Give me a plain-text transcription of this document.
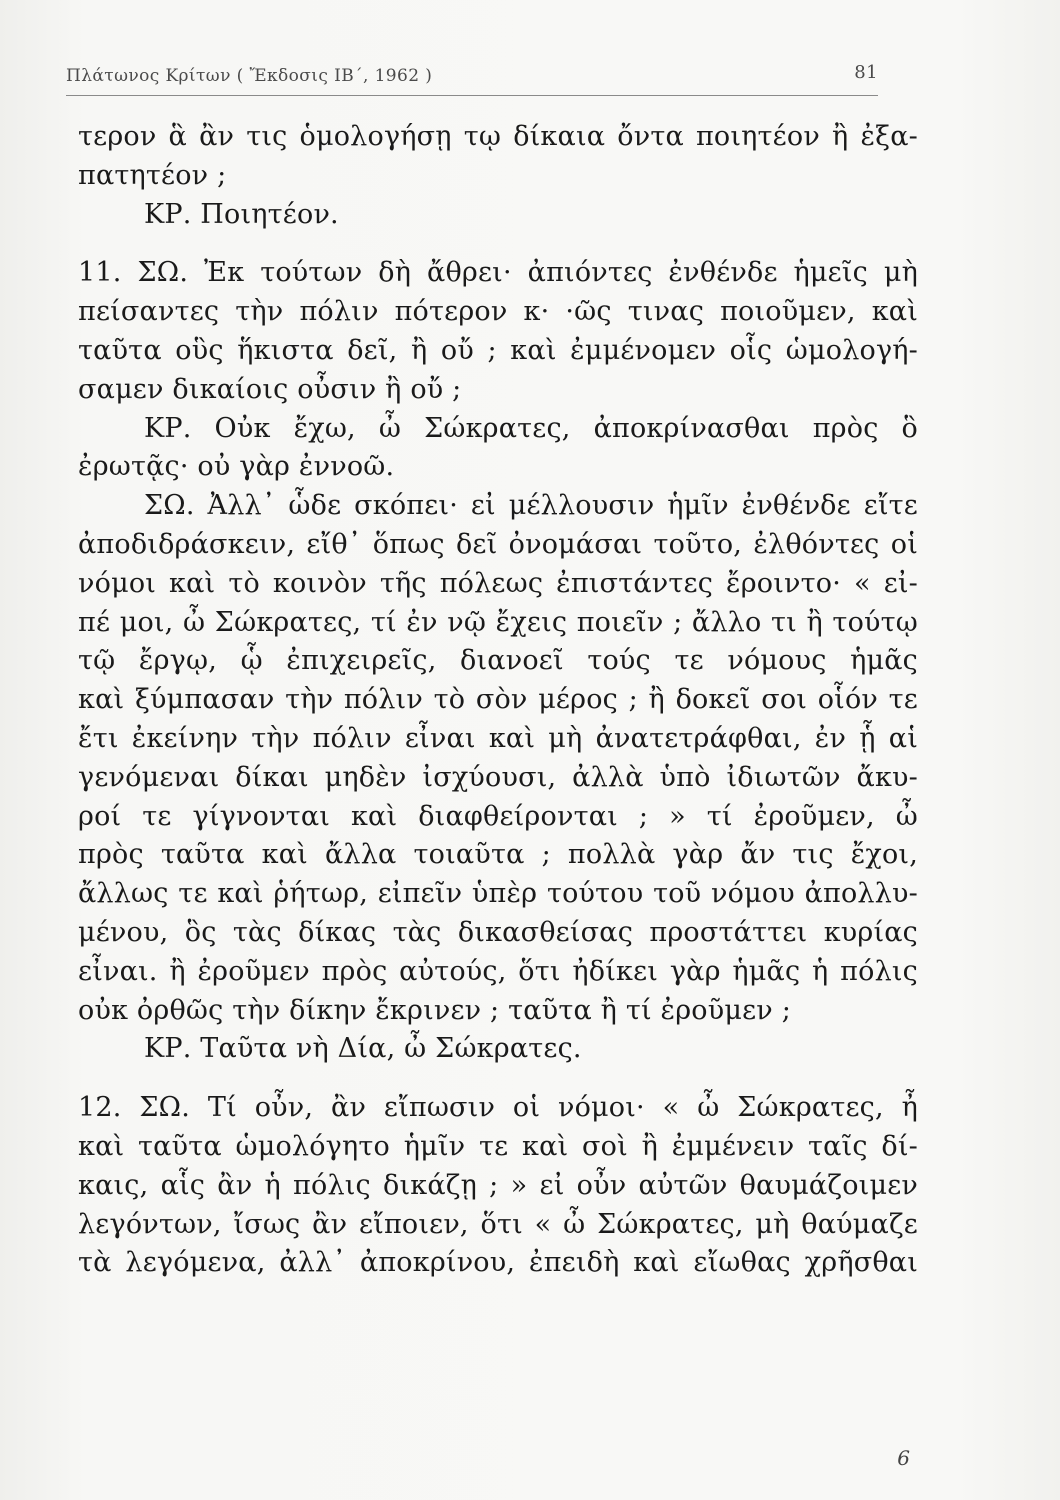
Πλάτωνος Κρίτων ( Ἔκδοσις ΙΒ΄, 1962 )	81
τερον ἃ ἂν τις ὁμολογήσῃ τῳ δίκαια ὄντα ποιητέον ἢ ἐξα-
πατητέον ;
ΚΡ. Ποιητέον.
11. ΣΩ. Ἐκ τούτων δὴ ἄθρει· ἀπιόντες ἐνθένδε ἡμεῖς μὴ
πείσαντες τὴν πόλιν πότερον κ· ·ῶς τινας ποιοῦμεν, καὶ
ταῦτα οὓς ἥκιστα δεῖ, ἢ οὔ ; καὶ ἐμμένομεν οἷς ὡμολογή-
σαμεν δικαίοις οὖσιν ἢ οὔ ;
ΚΡ. Οὐκ ἔχω, ὦ Σώκρατες, ἀποκρίνασθαι πρὸς ὃ
ἐρωτᾷς· οὐ γὰρ ἐννοῶ.
ΣΩ. Ἀλλ᾽ ὧδε σκόπει· εἰ μέλλουσιν ἡμῖν ἐνθένδε εἴτε
ἀποδιδράσκειν, εἴθ᾽ ὅπως δεῖ ὀνομάσαι τοῦτο, ἐλθόντες οἱ
νόμοι καὶ τὸ κοινὸν τῆς πόλεως ἐπιστάντες ἔροιντο· « εἰ-
πέ μοι, ὦ Σώκρατες, τί ἐν νῷ ἔχεις ποιεῖν ; ἄλλο τι ἢ τούτῳ
τῷ ἔργῳ, ᾧ ἐπιχειρεῖς, διανοεῖ τούς τε νόμους ἡμᾶς
καὶ ξύμπασαν τὴν πόλιν τὸ σὸν μέρος ; ἢ δοκεῖ σοι οἷόν τε
ἔτι ἐκείνην τὴν πόλιν εἶναι καὶ μὴ ἀνατετράφθαι, ἐν ᾗ αἱ
γενόμεναι δίκαι μηδὲν ἰσχύουσι, ἀλλὰ ὑπὸ ἰδιωτῶν ἄκυ-
ροί τε γίγνονται καὶ διαφθείρονται ; » τί ἐροῦμεν, ὦ
πρὸς ταῦτα καὶ ἄλλα τοιαῦτα ; πολλὰ γὰρ ἄν τις ἔχοι,
ἄλλως τε καὶ ῥήτωρ, εἰπεῖν ὑπὲρ τούτου τοῦ νόμου ἀπολλυ-
μένου, ὃς τὰς δίκας τὰς δικασθείσας προστάττει κυρίας
εἶναι. ἢ ἐροῦμεν πρὸς αὐτούς, ὅτι ἠδίκει γὰρ ἡμᾶς ἡ πόλις
οὐκ ὀρθῶς τὴν δίκην ἔκρινεν ; ταῦτα ἢ τί ἐροῦμεν ;
ΚΡ. Ταῦτα νὴ Δία, ὦ Σώκρατες.
12. ΣΩ. Τί οὖν, ἂν εἴπωσιν οἱ νόμοι· « ὦ Σώκρατες, ἦ
καὶ ταῦτα ὡμολόγητο ἡμῖν τε καὶ σοὶ ἢ ἐμμένειν ταῖς δί-
καις, αἷς ἂν ἡ πόλις δικάζῃ ; » εἰ οὖν αὐτῶν θαυμάζοιμεν
λεγόντων, ἴσως ἂν εἴποιεν, ὅτι « ὦ Σώκρατες, μὴ θαύμαζε
τὰ λεγόμενα, ἀλλ᾽ ἀποκρίνου, ἐπειδὴ καὶ εἴωθας χρῆσθαι
6
